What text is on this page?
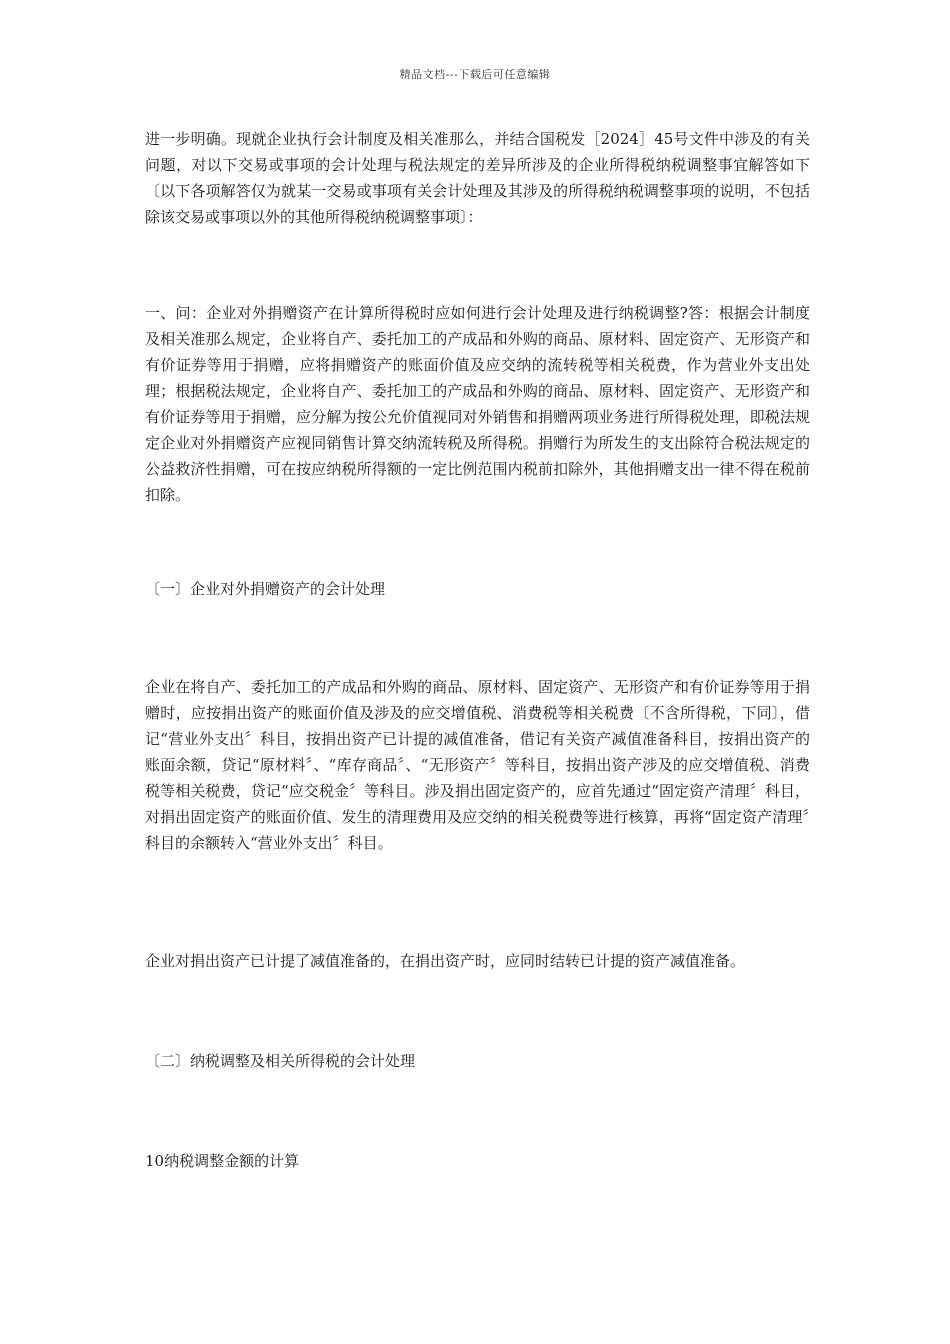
精品文档---下载后可任意编辑

进一步明确。现就企业执行会计制度及相关准那么，并结合国税发［2024］45号文件中涉及的有关问题，对以下交易或事项的会计处理与税法规定的差异所涉及的企业所得税纳税调整事宜解答如下〔以下各项解答仅为就某一交易或事项有关会计处理及其涉及的所得税纳税调整事项的说明，不包括除该交易或事项以外的其他所得税纳税调整事项〕：

一、问：企业对外捐赠资产在计算所得税时应如何进行会计处理及进行纳税调整?答：根据会计制度及相关准那么规定，企业将自产、委托加工的产成品和外购的商品、原材料、固定资产、无形资产和有价证券等用于捐赠，应将捐赠资产的账面价值及应交纳的流转税等相关税费，作为营业外支出处理；根据税法规定，企业将自产、委托加工的产成品和外购的商品、原材料、固定资产、无形资产和有价证券等用于捐赠，应分解为按公允价值视同对外销售和捐赠两项业务进行所得税处理，即税法规定企业对外捐赠资产应视同销售计算交纳流转税及所得税。捐赠行为所发生的支出除符合税法规定的公益救济性捐赠，可在按应纳税所得额的一定比例范围内税前扣除外，其他捐赠支出一律不得在税前扣除。

〔一〕企业对外捐赠资产的会计处理

企业在将自产、委托加工的产成品和外购的商品、原材料、固定资产、无形资产和有价证券等用于捐赠时，应按捐出资产的账面价值及涉及的应交增值税、消费税等相关税费〔不含所得税，下同〕，借记“营业外支出〞科目，按捐出资产已计提的减值准备，借记有关资产减值准备科目，按捐出资产的账面余额，贷记“原材料〞、“库存商品〞、“无形资产〞等科目，按捐出资产涉及的应交增值税、消费税等相关税费，贷记“应交税金〞等科目。涉及捐出固定资产的，应首先通过“固定资产清理〞科目，对捐出固定资产的账面价值、发生的清理费用及应交纳的相关税费等进行核算，再将“固定资产清理〞科目的余额转入“营业外支出〞科目。

企业对捐出资产已计提了减值准备的，在捐出资产时，应同时结转已计提的资产减值准备。

〔二〕纳税调整及相关所得税的会计处理

10纳税调整金额的计算
